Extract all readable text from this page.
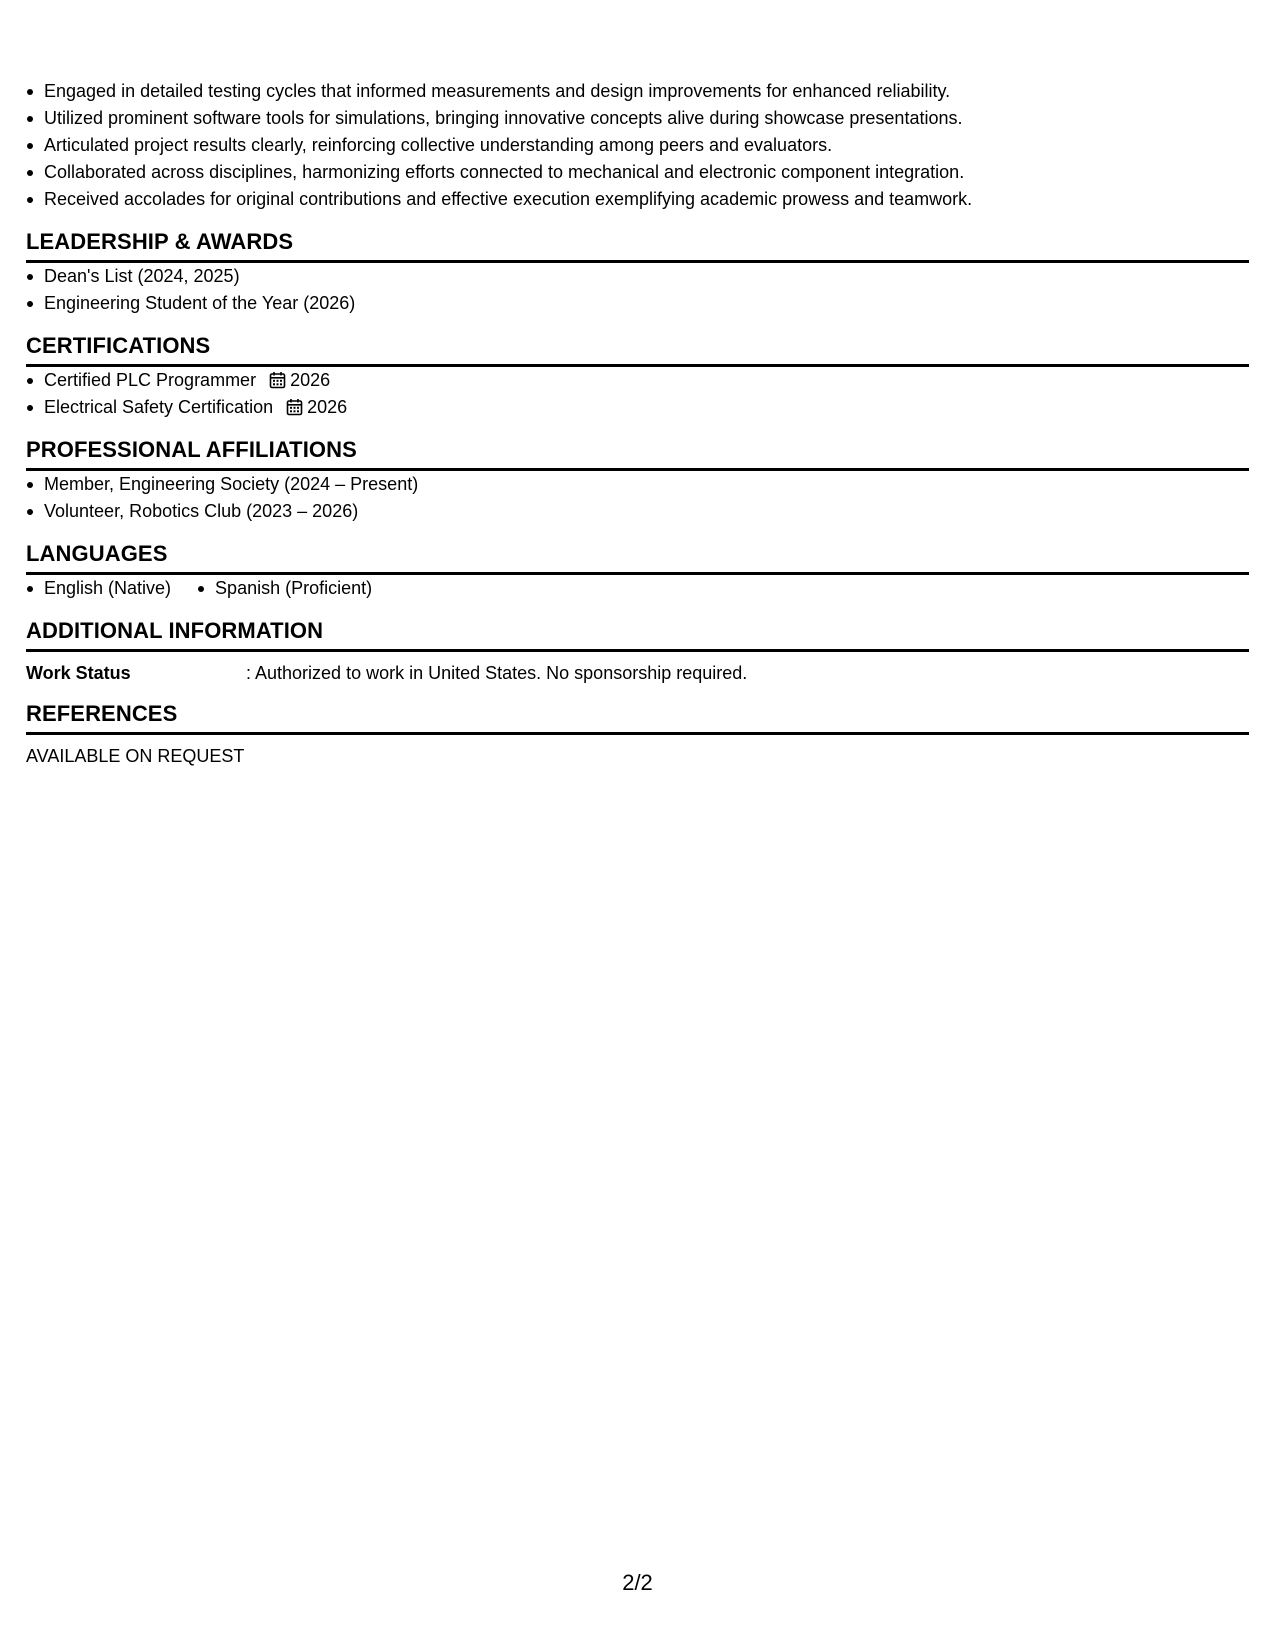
Engaged in detailed testing cycles that informed measurements and design improvements for enhanced reliability.
Utilized prominent software tools for simulations, bringing innovative concepts alive during showcase presentations.
Articulated project results clearly, reinforcing collective understanding among peers and evaluators.
Collaborated across disciplines, harmonizing efforts connected to mechanical and electronic component integration.
Received accolades for original contributions and effective execution exemplifying academic prowess and teamwork.
LEADERSHIP & AWARDS
Dean's List (2024, 2025)
Engineering Student of the Year (2026)
CERTIFICATIONS
Certified PLC Programmer 2026
Electrical Safety Certification 2026
PROFESSIONAL AFFILIATIONS
Member, Engineering Society (2024 – Present)
Volunteer, Robotics Club (2023 – 2026)
LANGUAGES
English (Native)	Spanish (Proficient)
ADDITIONAL INFORMATION
Work Status	: Authorized to work in United States. No sponsorship required.
REFERENCES
AVAILABLE ON REQUEST
2/2
